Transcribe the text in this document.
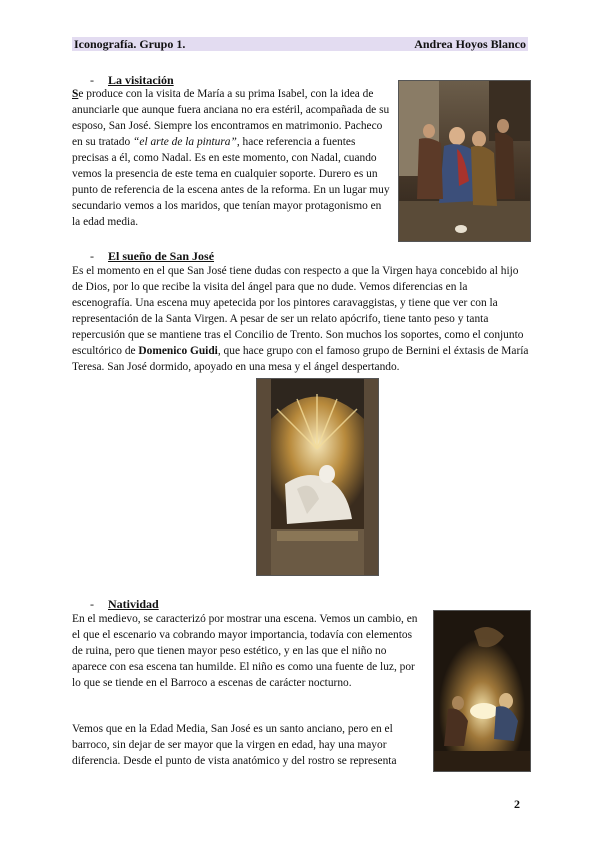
Iconografía. Grupo 1.	Andrea Hoyos Blanco
- La visitación
Se produce con la visita de María a su prima Isabel, con la idea de anunciarle que aunque fuera anciana no era estéril, acompañada de su esposo, San José. Siempre los encontramos en matrimonio. Pacheco en su tratado “el arte de la pintura”, hace referencia a fuentes precisas a él, como Nadal. Es en este momento, con Nadal, cuando vemos la presencia de este tema en cualquier soporte. Durero es un punto de referencia de la escena antes de la reforma. En un lugar muy secundario vemos a los maridos, que tenían mayor protagonismo en la edad media.
- El sueño de San José
Es el momento en el que San José tiene dudas con respecto a que la Virgen haya concebido al hijo de Dios, por lo que recibe la visita del ángel para que no dude. Vemos diferencias en la escenografía. Una escena muy apetecida por los pintores caravaggistas, y tiene que ver con la representación de la Santa Virgen. A pesar de ser un relato apócrifo, tiene tanto peso y tanta repercusión que se mantiene tras el Concilio de Trento. Son muchos los soportes, como el conjunto escultórico de Domenico Guidi, que hace grupo con el famoso grupo de Bernini el éxtasis de María Teresa. San José dormido, apoyado en una mesa y el ángel despertando.
- Natividad
En el medievo, se caracterizó por mostrar una escena. Vemos un cambio, en el que el escenario va cobrando mayor importancia, todavía con elementos de ruina, pero que tienen mayor peso estético, y en las que el niño no aparece con esa escena tan humilde. El niño es como una fuente de luz, por lo que se tiende en el Barroco a escenas de carácter nocturno.
Vemos que en la Edad Media, San José es un santo anciano, pero en el barroco, sin dejar de ser mayor que la virgen en edad, hay una mayor diferencia. Desde el punto de vista anatómico y del rostro se representa
2
